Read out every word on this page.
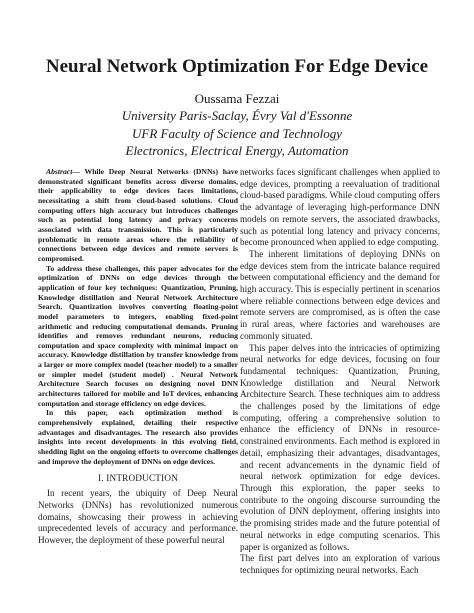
Neural Network Optimization For Edge Device
Oussama Fezzai
University Paris-Saclay, Évry Val d'Essonne
UFR Faculty of Science and Technology
Electronics, Electrical Energy, Automation

Abstract— While Deep Neural Networks (DNNs) have demonstrated significant benefits across diverse domains, their applicability to edge devices faces limitations, necessitating a shift from cloud-based solutions. Cloud computing offers high accuracy but introduces challenges such as potential long latency and privacy concerns associated with data transmission. This is particularly problematic in remote areas where the reliability of connections between edge devices and remote servers is compromised.

To address these challenges, this paper advocates for the optimization of DNNs on edge devices through the application of four key techniques: Quantization, Pruning, Knowledge distillation and Neural Network Architecture Search. Quantization involves converting floating-point model parameters to integers, enabling fixed-point arithmetic and reducing computational demands. Pruning identifies and removes redundant neurons, reducing computation and space complexity with minimal impact on accuracy. Knowledge distillation by transfer knowledge from a larger or more complex model (teacher model) to a smaller or simpler model (student model) . Neural Network Architecture Search focuses on designing novel DNN architectures tailored for mobile and IoT devices, enhancing computation and storage efficiency on edge devices.

In this paper, each optimization method is comprehensively explained, detailing their respective advantages and disadvantages. The research also provides insights into recent developments in this evolving field, shedding light on the ongoing efforts to overcome challenges and improve the deployment of DNNs on edge devices.

I. INTRODUCTION

In recent years, the ubiquity of Deep Neural Networks (DNNs) has revolutionized numerous domains, showcasing their prowess in achieving unprecedented levels of accuracy and performance. However, the deployment of these powerful neural

networks faces significant challenges when applied to edge devices, prompting a reevaluation of traditional cloud-based paradigms. While cloud computing offers the advantage of leveraging high-performance DNN models on remote servers, the associated drawbacks, such as potential long latency and privacy concerns, become pronounced when applied to edge computing.

The inherent limitations of deploying DNNs on edge devices stem from the intricate balance required between computational efficiency and the demand for high accuracy. This is especially pertinent in scenarios where reliable connections between edge devices and remote servers are compromised, as is often the case in rural areas, where factories and warehouses are commonly situated.

This paper delves into the intricacies of optimizing neural networks for edge devices, focusing on four fundamental techniques: Quantization, Pruning, Knowledge distillation and Neural Network Architecture Search. These techniques aim to address the challenges posed by the limitations of edge computing, offering a comprehensive solution to enhance the efficiency of DNNs in resource-constrained environments. Each method is explored in detail, emphasizing their advantages, disadvantages, and recent advancements in the dynamic field of neural network optimization for edge devices. Through this exploration, the paper seeks to contribute to the ongoing discourse surrounding the evolution of DNN deployment, offering insights into the promising strides made and the future potential of neural networks in edge computing scenarios. This paper is organized as follows.

The first part delves into an exploration of various techniques for optimizing neural networks. Each
